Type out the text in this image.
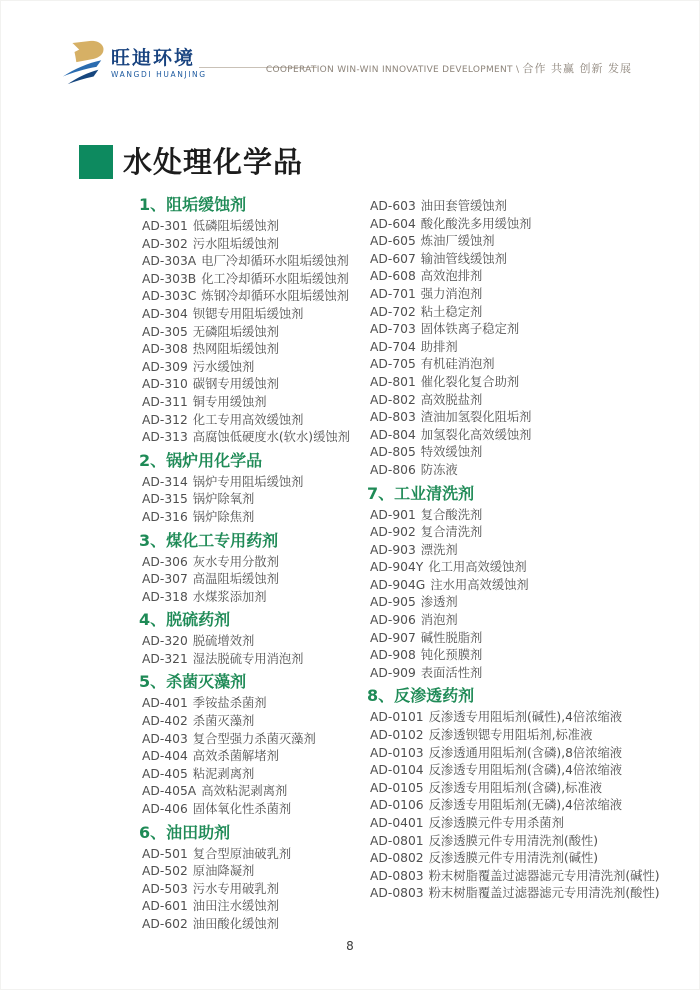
旺迪环境
WANGDI HUANJING	COOPERATION WIN-WIN INNOVATIVE DEVELOPMENT \ 合作 共赢 创新 发展
水处理化学品
1、阻垢缓蚀剂
AD-301 低磷阻垢缓蚀剂
AD-302 污水阻垢缓蚀剂
AD-303A 电厂冷却循环水阻垢缓蚀剂
AD-303B 化工冷却循环水阻垢缓蚀剂
AD-303C 炼钢冷却循环水阻垢缓蚀剂
AD-304 钡锶专用阻垢缓蚀剂
AD-305 无磷阻垢缓蚀剂
AD-308 热网阻垢缓蚀剂
AD-309 污水缓蚀剂
AD-310 碳钢专用缓蚀剂
AD-311 铜专用缓蚀剂
AD-312 化工专用高效缓蚀剂
AD-313 高腐蚀低硬度水(软水)缓蚀剂
2、锅炉用化学品
AD-314 锅炉专用阻垢缓蚀剂
AD-315 锅炉除氧剂
AD-316 锅炉除焦剂
3、煤化工专用药剂
AD-306 灰水专用分散剂
AD-307 高温阻垢缓蚀剂
AD-318 水煤浆添加剂
4、脱硫药剂
AD-320 脱硫增效剂
AD-321 湿法脱硫专用消泡剂
5、杀菌灭藻剂
AD-401 季铵盐杀菌剂
AD-402 杀菌灭藻剂
AD-403 复合型强力杀菌灭藻剂
AD-404 高效杀菌解堵剂
AD-405 粘泥剥离剂
AD-405A 高效粘泥剥离剂
AD-406 固体氧化性杀菌剂
6、油田助剂
AD-501 复合型原油破乳剂
AD-502 原油降凝剂
AD-503 污水专用破乳剂
AD-601 油田注水缓蚀剂
AD-602 油田酸化缓蚀剂
AD-603 油田套管缓蚀剂
AD-604 酸化酸洗多用缓蚀剂
AD-605 炼油厂缓蚀剂
AD-607 输油管线缓蚀剂
AD-608 高效泡排剂
AD-701 强力消泡剂
AD-702 粘土稳定剂
AD-703 固体铁离子稳定剂
AD-704 助排剂
AD-705 有机硅消泡剂
AD-801 催化裂化复合助剂
AD-802 高效脱盐剂
AD-803 渣油加氢裂化阻垢剂
AD-804 加氢裂化高效缓蚀剂
AD-805 特效缓蚀剂
AD-806 防冻液
7、工业清洗剂
AD-901 复合酸洗剂
AD-902 复合清洗剂
AD-903 漂洗剂
AD-904Y 化工用高效缓蚀剂
AD-904G 注水用高效缓蚀剂
AD-905 渗透剂
AD-906 消泡剂
AD-907 碱性脱脂剂
AD-908 钝化预膜剂
AD-909 表面活性剂
8、反渗透药剂
AD-0101 反渗透专用阻垢剂(碱性),4倍浓缩液
AD-0102 反渗透钡锶专用阻垢剂,标准液
AD-0103 反渗透通用阻垢剂(含磷),8倍浓缩液
AD-0104 反渗透专用阻垢剂(含磷),4倍浓缩液
AD-0105 反渗透专用阻垢剂(含磷),标准液
AD-0106 反渗透专用阻垢剂(无磷),4倍浓缩液
AD-0401 反渗透膜元件专用杀菌剂
AD-0801 反渗透膜元件专用清洗剂(酸性)
AD-0802 反渗透膜元件专用清洗剂(碱性)
AD-0803 粉末树脂覆盖过滤器滤元专用清洗剂(碱性)
AD-0803 粉末树脂覆盖过滤器滤元专用清洗剂(酸性)
8
